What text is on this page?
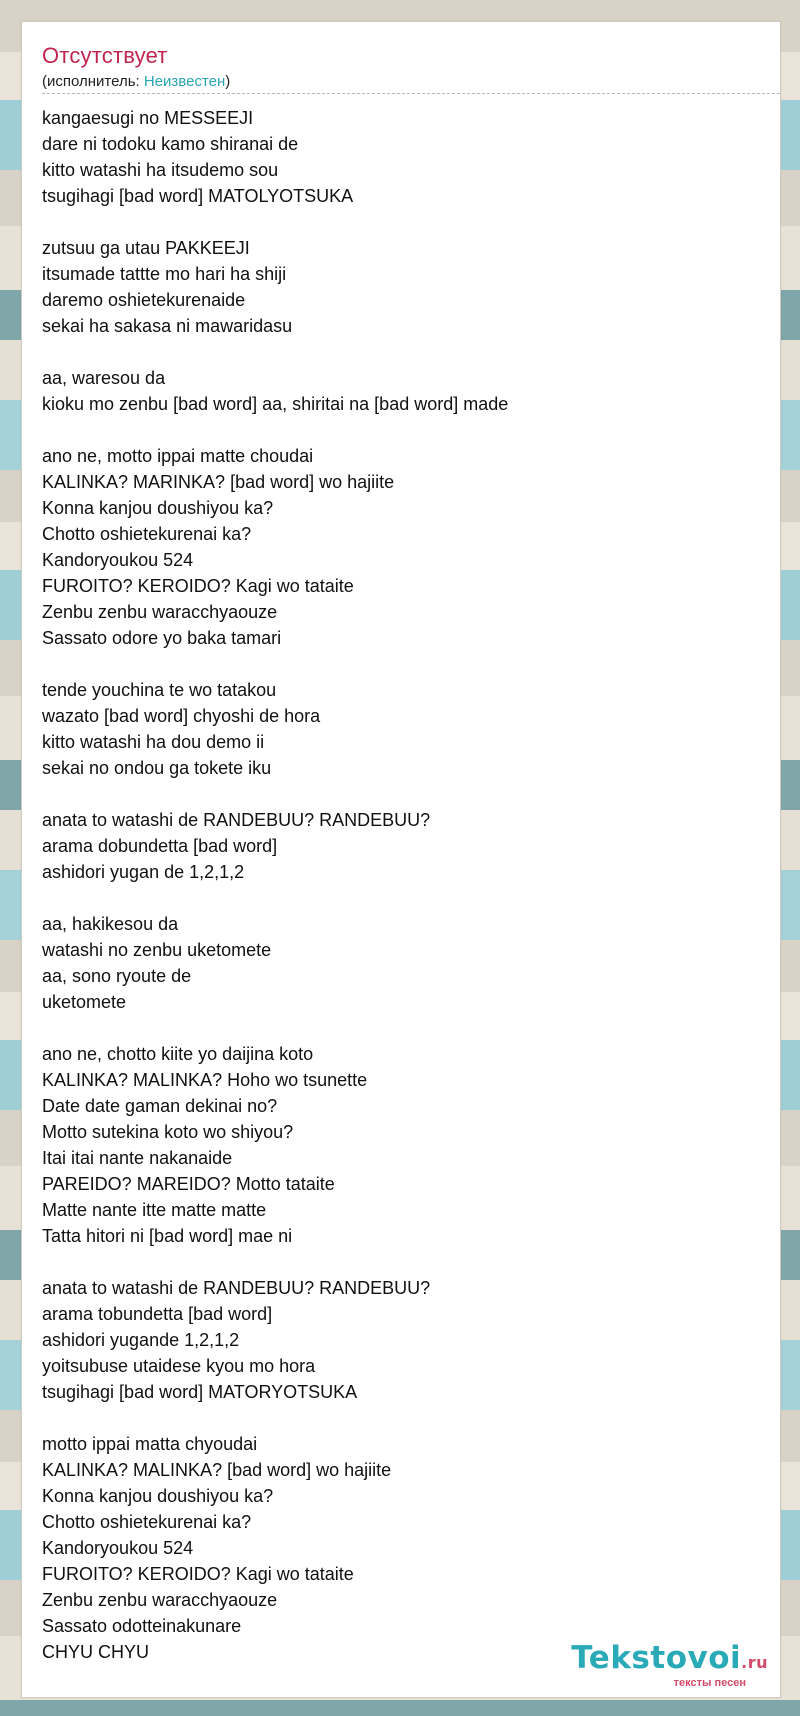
Отсутствует
(исполнитель: Неизвестен)
kangaesugi no MESSEEJI
dare ni todoku kamo shiranai de
kitto watashi ha itsudemo sou
tsugihagi [bad word] MATOLYOTSUKA

zutsuu ga utau PAKKEEJI
itsumade tattte mo hari ha shiji
daremo oshietekurenaide
sekai ha sakasa ni mawaridasu

aa, waresou da
kioku mo zenbu [bad word] aa, shiritai na [bad word] made

ano ne, motto ippai matte choudai
KALINKA? MARINKA? [bad word] wo hajiite
Konna kanjou doushiyou ka?
Chotto oshietekurenai ka?
Kandoryoukou 524
FUROITO? KEROIDO? Kagi wo tataite
Zenbu zenbu waracchyaouze
Sassato odore yo baka tamari

tende youchina te wo tatakou
wazato [bad word] chyoshi de hora
kitto watashi ha dou demo ii
sekai no ondou ga tokete iku

anata to watashi de RANDEBUU? RANDEBUU?
arama dobundetta [bad word]
ashidori yugan de 1,2,1,2

aa, hakikesou da
watashi no zenbu uketomete
aa, sono ryoute de
uketomete

ano ne, chotto kiite yo daijina koto
KALINKA? MALINKA? Hoho wo tsunette
Date date gaman dekinai no?
Motto sutekina koto wo shiyou?
Itai itai nante nakanaide
PAREIDO? MAREIDO? Motto tataite
Matte nante itte matte matte
Tatta hitori ni [bad word] mae ni

anata to watashi de RANDEBUU? RANDEBUU?
arama tobundetta [bad word]
ashidori yugande 1,2,1,2
yoitsubuse utaidese kyou mo hora
tsugihagi [bad word] MATORYOTSUKA

motto ippai matta chyoudai
KALINKA? MALINKA? [bad word] wo hajiite
Konna kanjou doushiyou ka?
Chotto oshietekurenai ka?
Kandoryoukou 524
FUROITO? KEROIDO? Kagi wo tataite
Zenbu zenbu waracchyaouze
Sassato odotteinakunare
CHYU CHYU	Tekstovoi.ru
тексты песен
